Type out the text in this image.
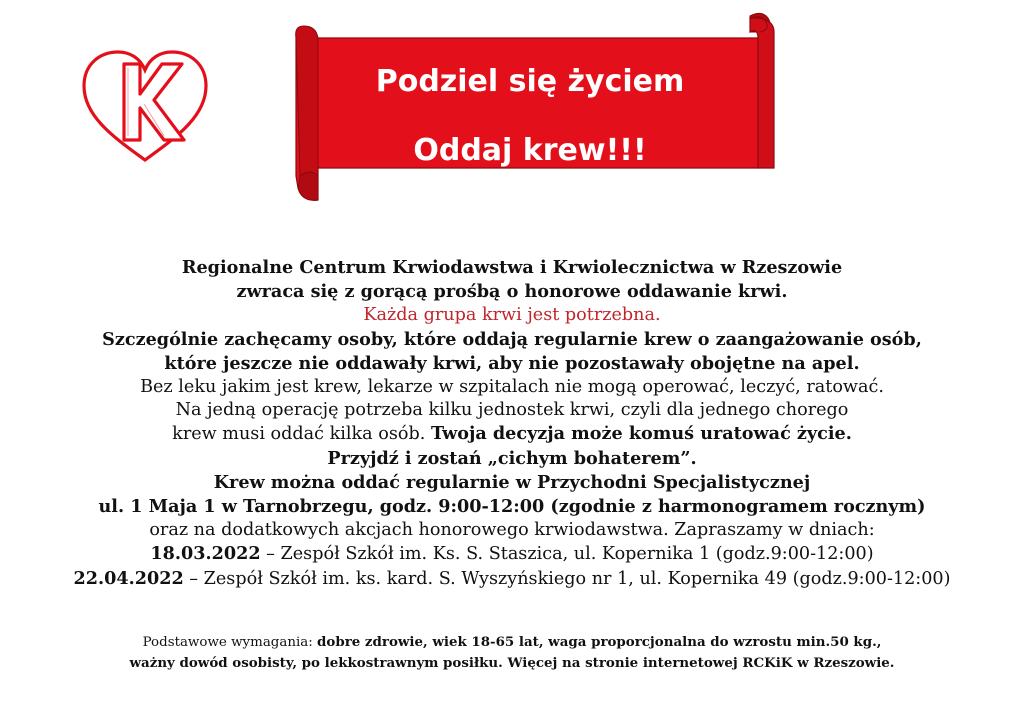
Podziel się życiem
Oddaj krew!!!
Regionalne Centrum Krwiodawstwa i Krwiolecznictwa w Rzeszowie
zwraca się z gorącą prośbą o honorowe oddawanie krwi.
Każda grupa krwi jest potrzebna.
Szczególnie zachęcamy osoby, które oddają regularnie krew o zaangażowanie osób,
które jeszcze nie oddawały krwi, aby nie pozostawały obojętne na apel.
Bez leku jakim jest krew, lekarze w szpitalach nie mogą operować, leczyć, ratować.
Na jedną operację potrzeba kilku jednostek krwi, czyli dla jednego chorego
krew musi oddać kilka osób. Twoja decyzja może komuś uratować życie.
Przyjdź i zostań „cichym bohaterem”.
Krew można oddać regularnie w Przychodni Specjalistycznej
ul. 1 Maja 1 w Tarnobrzegu, godz. 9:00-12:00 (zgodnie z harmonogramem rocznym)
oraz na dodatkowych akcjach honorowego krwiodawstwa. Zapraszamy w dniach:
18.03.2022 – Zespół Szkół im. Ks. S. Staszica, ul. Kopernika 1 (godz.9:00-12:00)
22.04.2022 – Zespół Szkół im. ks. kard. S. Wyszyńskiego nr 1, ul. Kopernika 49 (godz.9:00-12:00)
Podstawowe wymagania: dobre zdrowie, wiek 18-65 lat, waga proporcjonalna do wzrostu min.50 kg.,
ważny dowód osobisty, po lekkostrawnym posiłku. Więcej na stronie internetowej RCKiK w Rzeszowie.
